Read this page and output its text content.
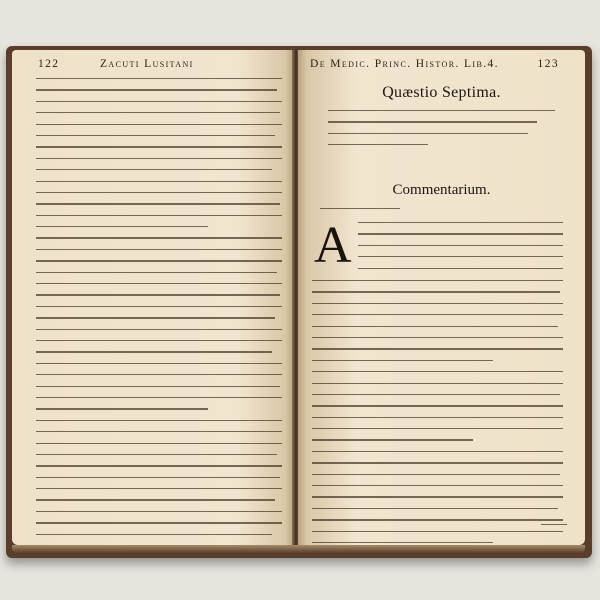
122	Zacuti Lusitani	De Medic. Princ. Histor. Lib.4.	123
Quæstio Septima.
Commentarium.
A
